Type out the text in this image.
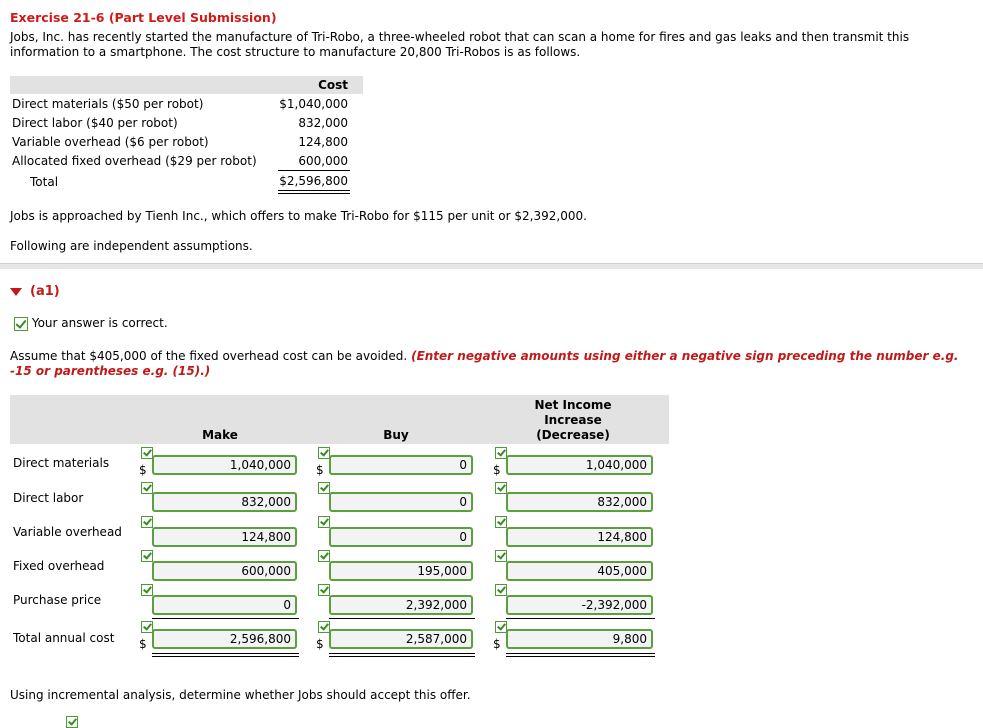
Exercise 21-6 (Part Level Submission)
Jobs, Inc. has recently started the manufacture of Tri-Robo, a three-wheeled robot that can scan a home for fires and gas leaks and then transmit this information to a smartphone. The cost structure to manufacture 20,800 Tri-Robos is as follows.
Cost
Direct materials ($50 per robot)	$1,040,000
Direct labor ($40 per robot)	832,000
Variable overhead ($6 per robot)	124,800
Allocated fixed overhead ($29 per robot)	600,000
Total	$2,596,800
Jobs is approached by Tienh Inc., which offers to make Tri-Robo for $115 per unit or $2,392,000.
Following are independent assumptions.
(a1)
Your answer is correct.
Assume that $405,000 of the fixed overhead cost can be avoided. (Enter negative amounts using either a negative sign preceding the number e.g. -15 or parentheses e.g. (15).)
Make	Buy
Net Income
Increase
(Decrease)
Direct materials $	1,040,000	$	0	$	1,040,000
Direct labor	832,000	0	832,000
Variable overhead	124,800	0	124,800
Fixed overhead	600,000	195,000	405,000
Purchase price	0	2,392,000	-2,392,000
Total annual cost $	2,596,800	$	2,587,000	$	9,800
Using incremental analysis, determine whether Jobs should accept this offer.
